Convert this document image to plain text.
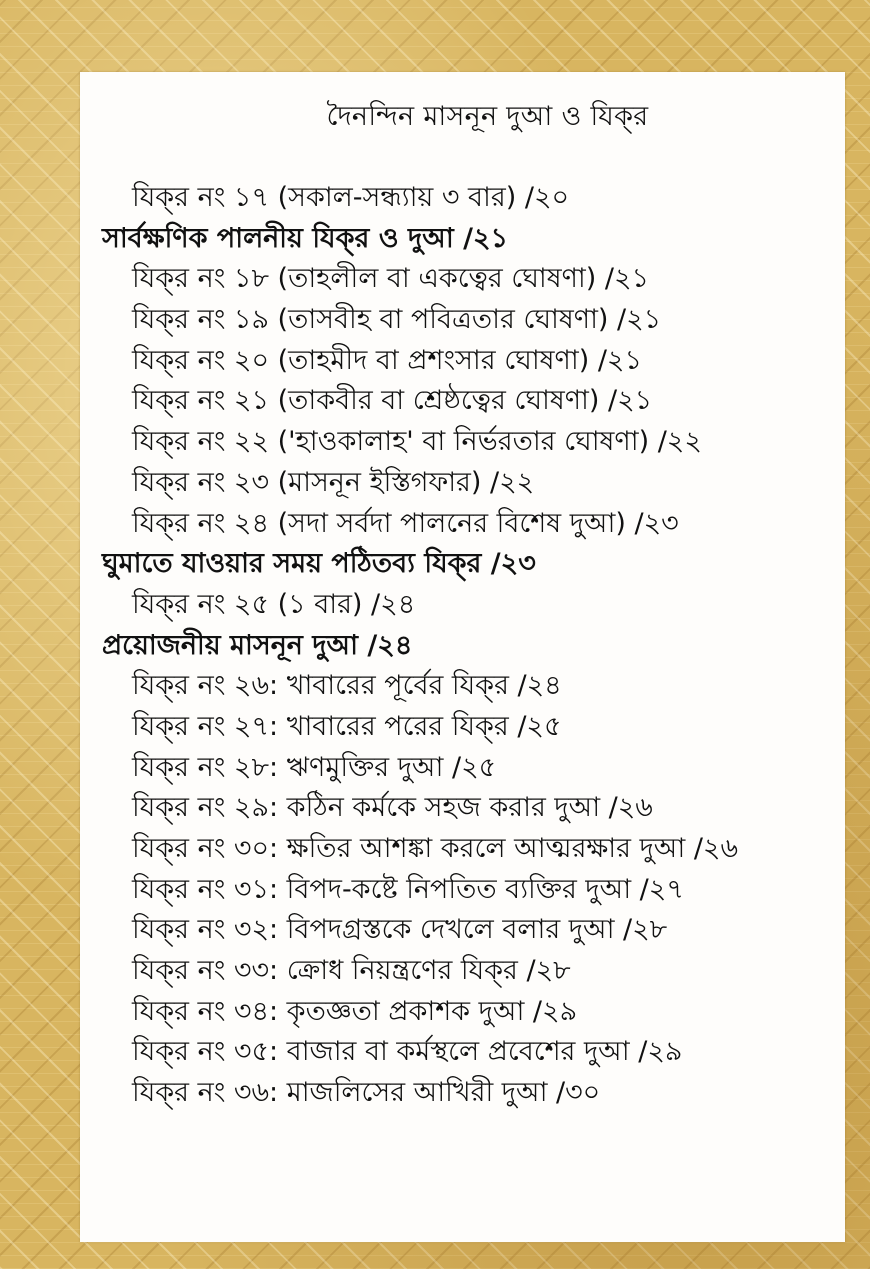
দৈনন্দিন মাসনূন দুআ ও যিক্‌র
যিক্‌র নং ১৭ (সকাল-সন্ধ্যায় ৩ বার) /২০
সার্বক্ষণিক পালনীয় যিক্‌র ও দুআ /২১
যিক্‌র নং ১৮ (তাহলীল বা একত্বের ঘোষণা) /২১
যিক্‌র নং ১৯ (তাসবীহ বা পবিত্রতার ঘোষণা) /২১
যিক্‌র নং ২০ (তাহমীদ বা প্রশংসার ঘোষণা) /২১
যিক্‌র নং ২১ (তাকবীর বা শ্রেষ্ঠত্বের ঘোষণা) /২১
যিক্‌র নং ২২ ('হাওকালাহ' বা নির্ভরতার ঘোষণা) /২২
যিক্‌র নং ২৩ (মাসনূন ইস্তিগফার) /২২
যিক্‌র নং ২৪ (সদা সর্বদা পালনের বিশেষ দুআ) /২৩
ঘুমাতে যাওয়ার সময় পঠিতব্য যিক্‌র /২৩
যিক্‌র নং ২৫ (১ বার) /২৪
প্রয়োজনীয় মাসনূন দুআ /২৪
যিক্‌র নং ২৬: খাবারের পূর্বের যিক্‌র /২৪
যিক্‌র নং ২৭: খাবারের পরের যিক্‌র /২৫
যিক্‌র নং ২৮: ঋণমুক্তির দুআ /২৫
যিক্‌র নং ২৯: কঠিন কর্মকে সহজ করার দুআ /২৬
যিক্‌র নং ৩০: ক্ষতির আশঙ্কা করলে আত্মরক্ষার দুআ /২৬
যিক্‌র নং ৩১: বিপদ-কষ্টে নিপতিত ব্যক্তির দুআ /২৭
যিক্‌র নং ৩২: বিপদগ্রস্তকে দেখলে বলার দুআ /২৮
যিক্‌র নং ৩৩: ক্রোধ নিয়ন্ত্রণের যিক্‌র /২৮
যিক্‌র নং ৩৪: কৃতজ্ঞতা প্রকাশক দুআ /২৯
যিক্‌র নং ৩৫: বাজার বা কর্মস্থলে প্রবেশের দুআ /২৯
যিক্‌র নং ৩৬: মাজলিসের আখিরী দুআ /৩০
